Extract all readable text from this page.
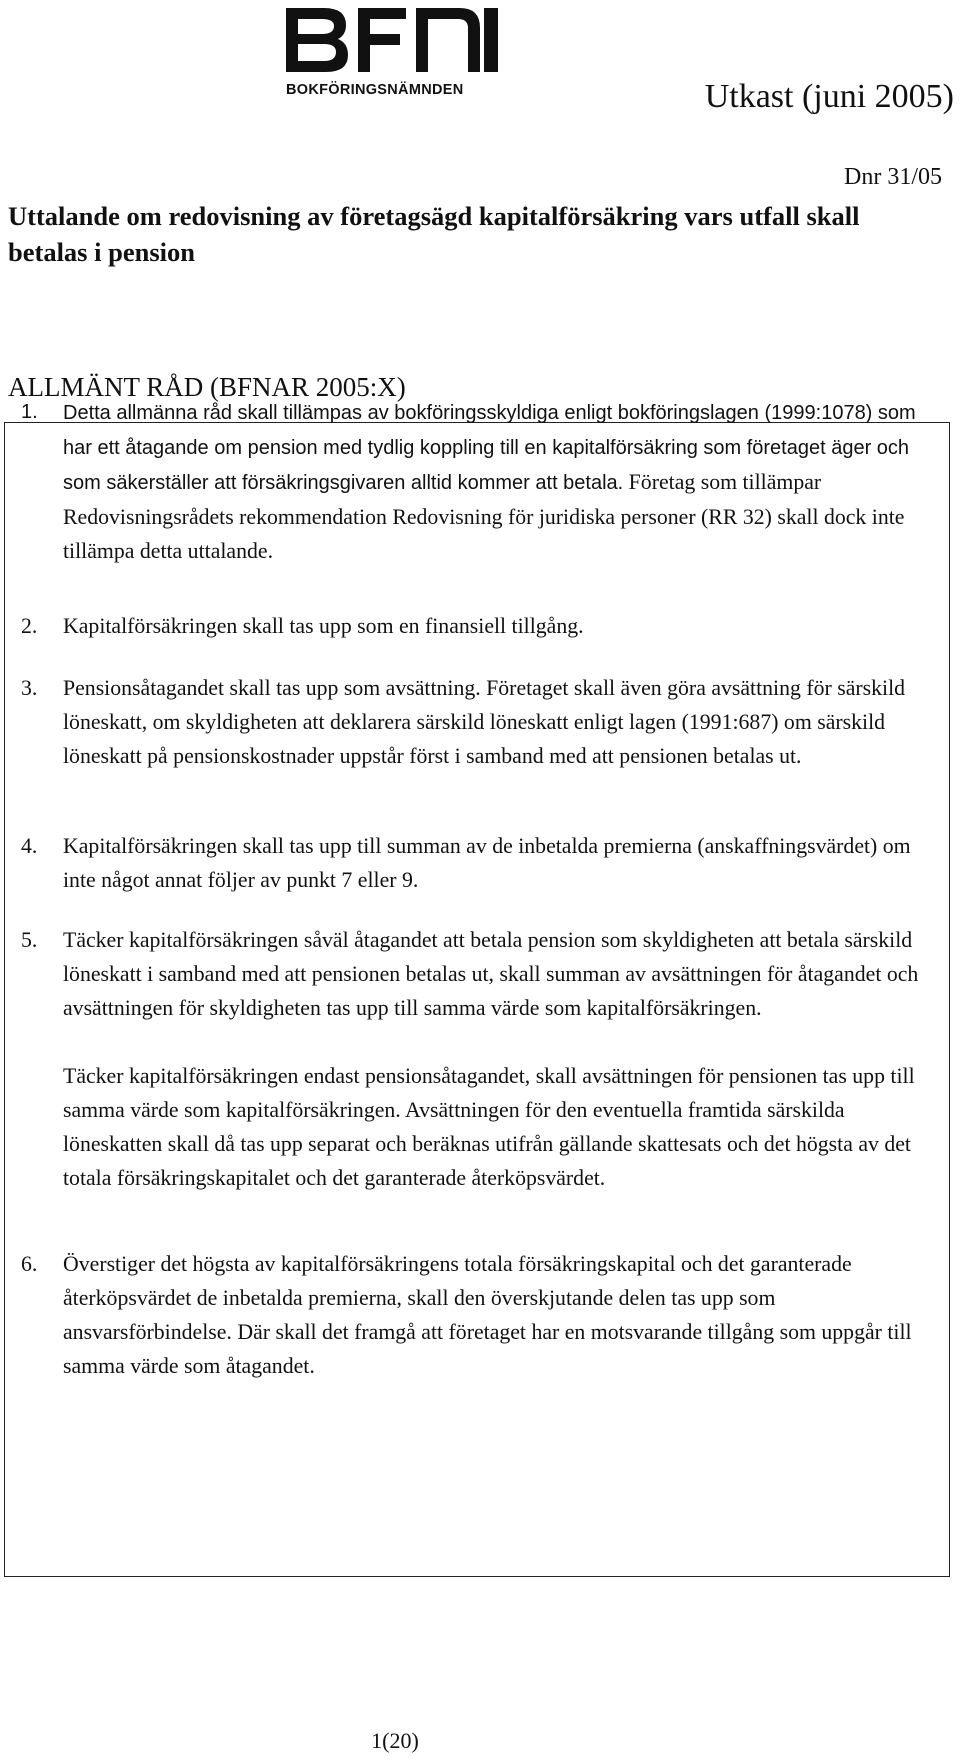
BOKFÖRINGSNÄMNDEN	Utkast (juni 2005)
Dnr 31/05
Uttalande om redovisning av företagsägd kapitalförsäkring vars utfall skall betalas i pension
ALLMÄNT RÅD (BFNAR 2005:X)
1. Detta allmänna råd skall tillämpas av bokföringsskyldiga enligt bokföringslagen (1999:1078) som har ett åtagande om pension med tydlig koppling till en kapitalförsäkring som företaget äger och som säkerställer att försäkringsgivaren alltid kommer att betala. Företag som tillämpar Redovisningsrådets rekommendation Redovisning för juridiska personer (RR 32) skall dock inte tillämpa detta uttalande.
2. Kapitalförsäkringen skall tas upp som en finansiell tillgång.
3. Pensionsåtagandet skall tas upp som avsättning. Företaget skall även göra avsättning för särskild löneskatt, om skyldigheten att deklarera särskild löneskatt enligt lagen (1991:687) om särskild löneskatt på pensionskostnader uppstår först i samband med att pensionen betalas ut.
4. Kapitalförsäkringen skall tas upp till summan av de inbetalda premierna (anskaffningsvärdet) om inte något annat följer av punkt 7 eller 9.
5. Täcker kapitalförsäkringen såväl åtagandet att betala pension som skyldigheten att betala särskild löneskatt i samband med att pensionen betalas ut, skall summan av avsättningen för åtagandet och avsättningen för skyldigheten tas upp till samma värde som kapitalförsäkringen.
Täcker kapitalförsäkringen endast pensionsåtagandet, skall avsättningen för pensionen tas upp till samma värde som kapitalförsäkringen. Avsättningen för den eventuella framtida särskilda löneskatten skall då tas upp separat och beräknas utifrån gällande skattesats och det högsta av det totala försäkringskapitalet och det garanterade återköpsvärdet.
6. Överstiger det högsta av kapitalförsäkringens totala försäkringskapital och det garanterade återköpsvärdet de inbetalda premierna, skall den överskjutande delen tas upp som ansvarsförbindelse. Där skall det framgå att företaget har en motsvarande tillgång som uppgår till samma värde som åtagandet.
1(20)
